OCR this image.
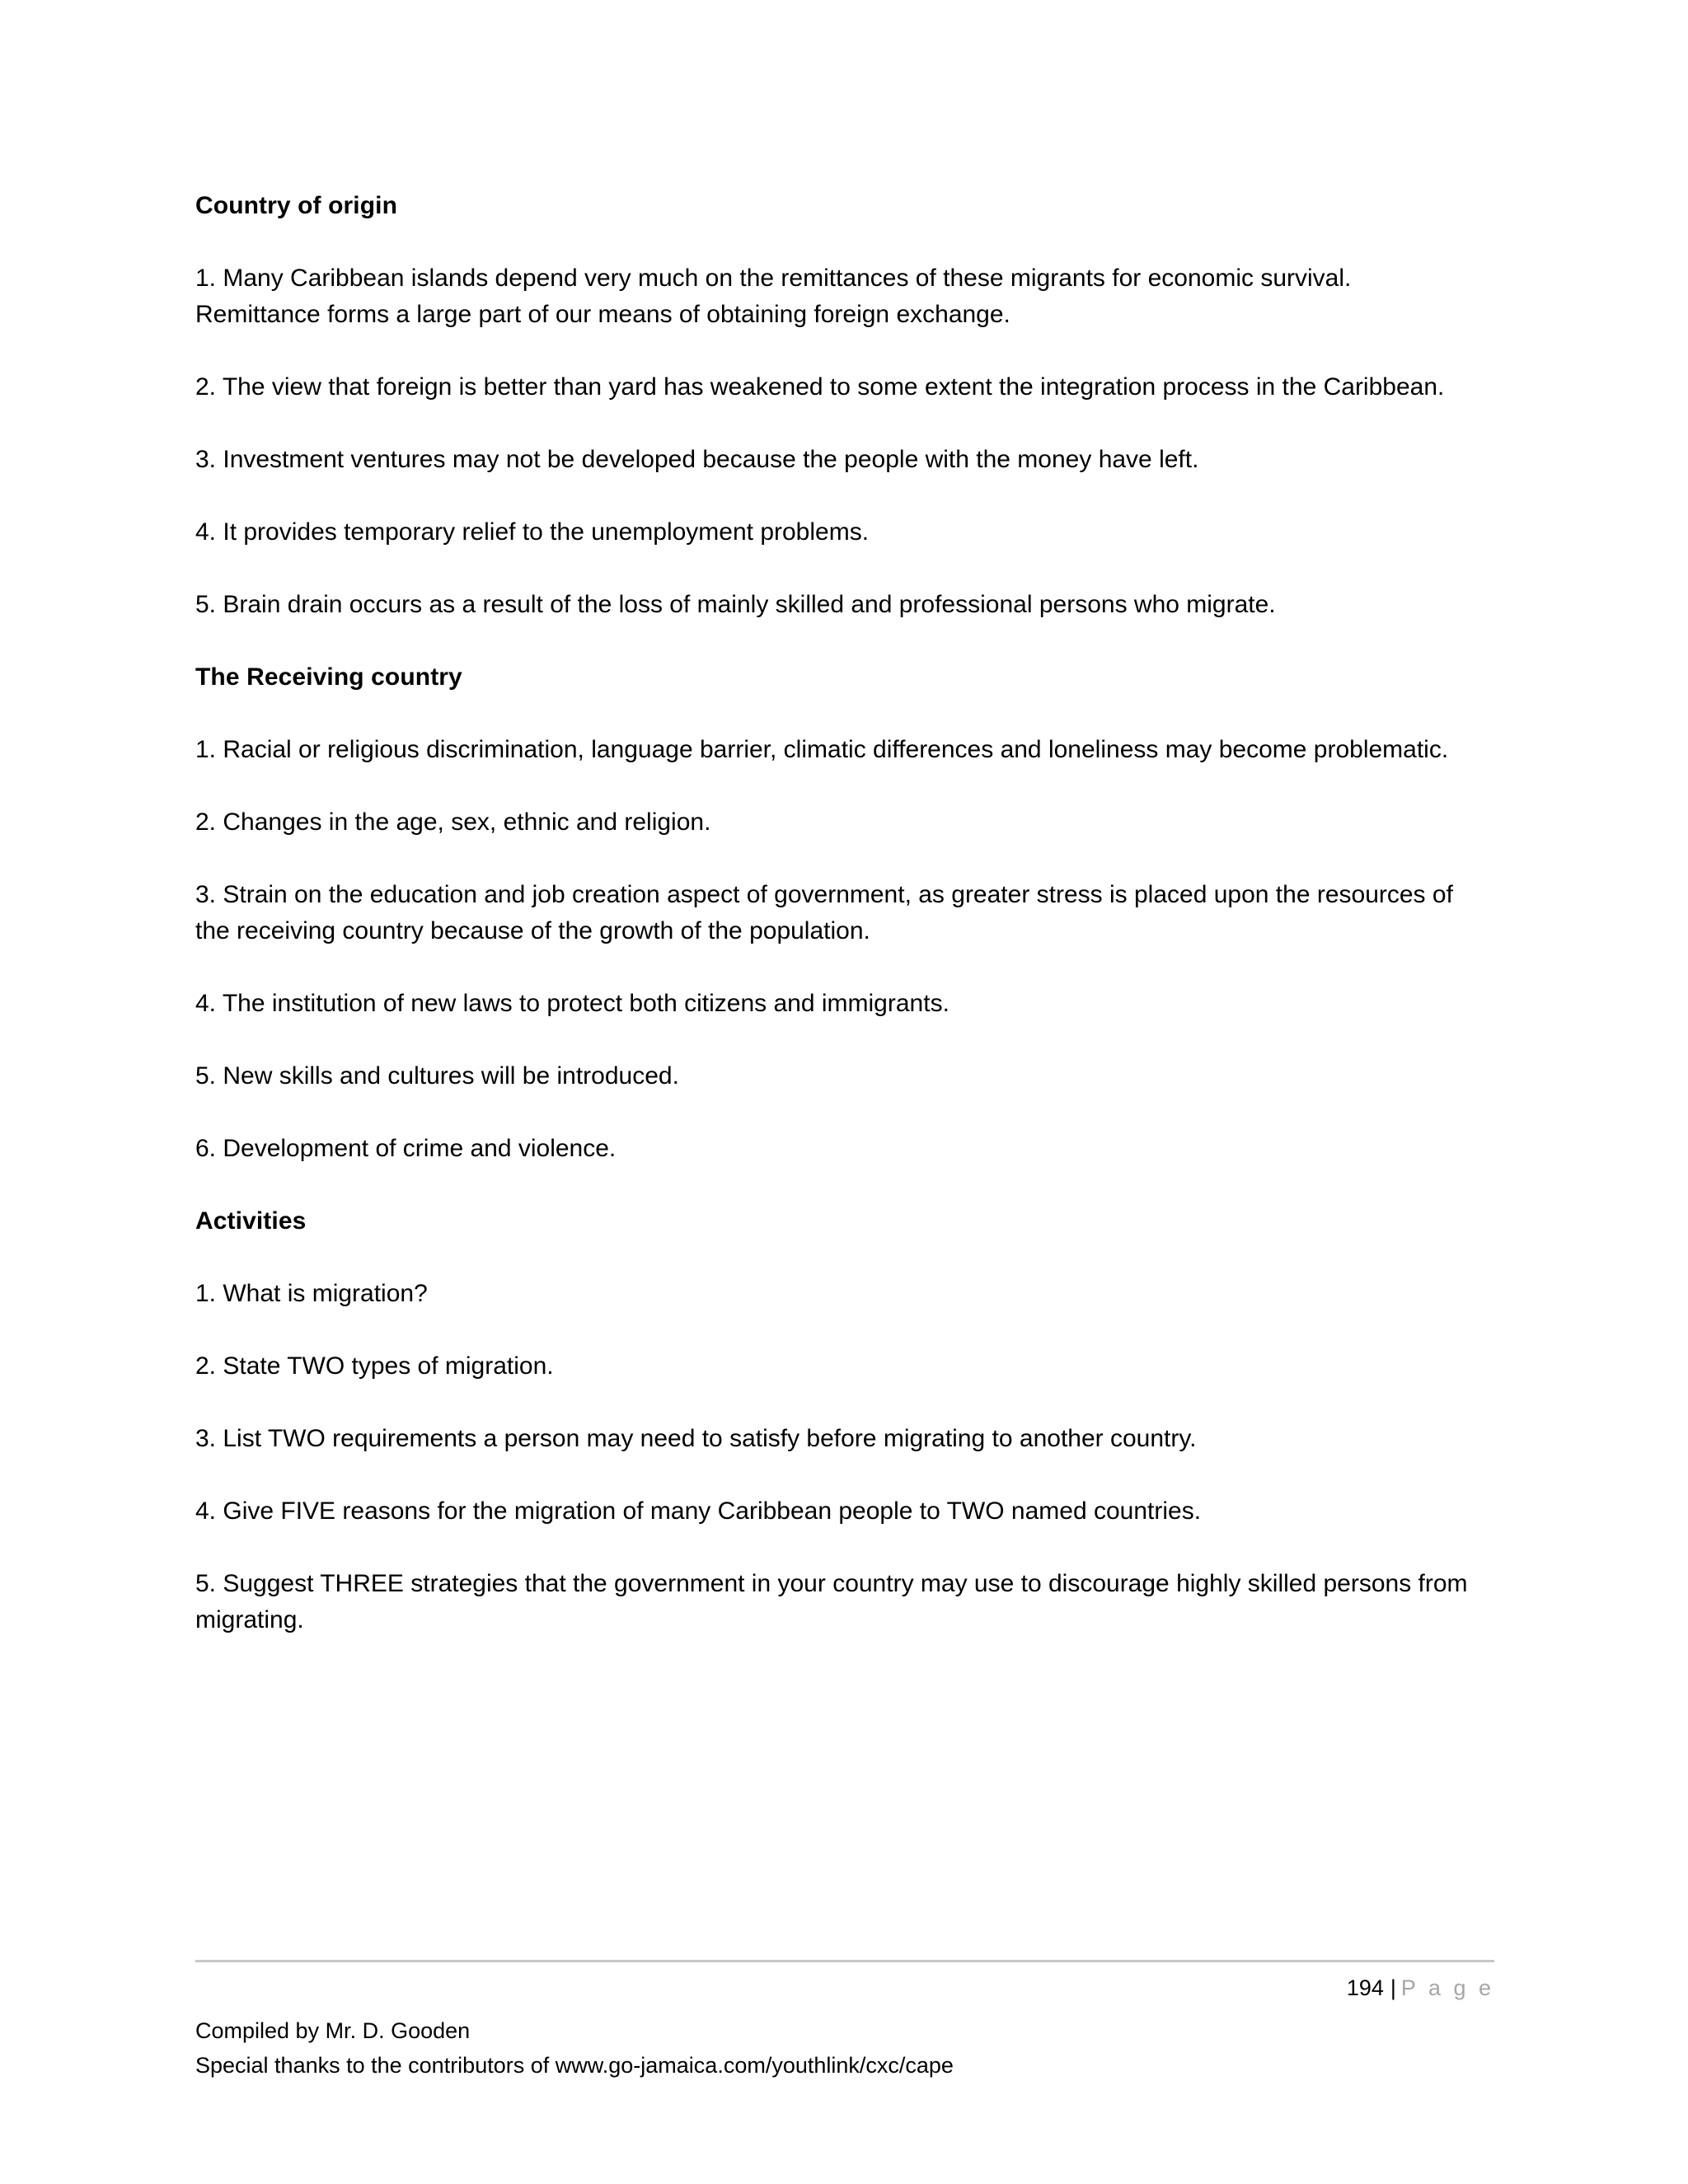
Country of origin

1. Many Caribbean islands depend very much on the remittances of these migrants for economic survival. Remittance forms a large part of our means of obtaining foreign exchange.

2. The view that foreign is better than yard has weakened to some extent the integration process in the Caribbean.

3. Investment ventures may not be developed because the people with the money have left.

4. It provides temporary relief to the unemployment problems.

5. Brain drain occurs as a result of the loss of mainly skilled and professional persons who migrate.

The Receiving country

1. Racial or religious discrimination, language barrier, climatic differences and loneliness may become problematic.

2. Changes in the age, sex, ethnic and religion.

3. Strain on the education and job creation aspect of government, as greater stress is placed upon the resources of the receiving country because of the growth of the population.

4. The institution of new laws to protect both citizens and immigrants.

5. New skills and cultures will be introduced.

6. Development of crime and violence.

Activities

1. What is migration?

2. State TWO types of migration.

3. List TWO requirements a person may need to satisfy before migrating to another country.

4. Give FIVE reasons for the migration of many Caribbean people to TWO named countries.

5. Suggest THREE strategies that the government in your country may use to discourage highly skilled persons from migrating.

194 | P a g e

Compiled by Mr. D. Gooden

Special thanks to the contributors of www.go-jamaica.com/youthlink/cxc/cape
